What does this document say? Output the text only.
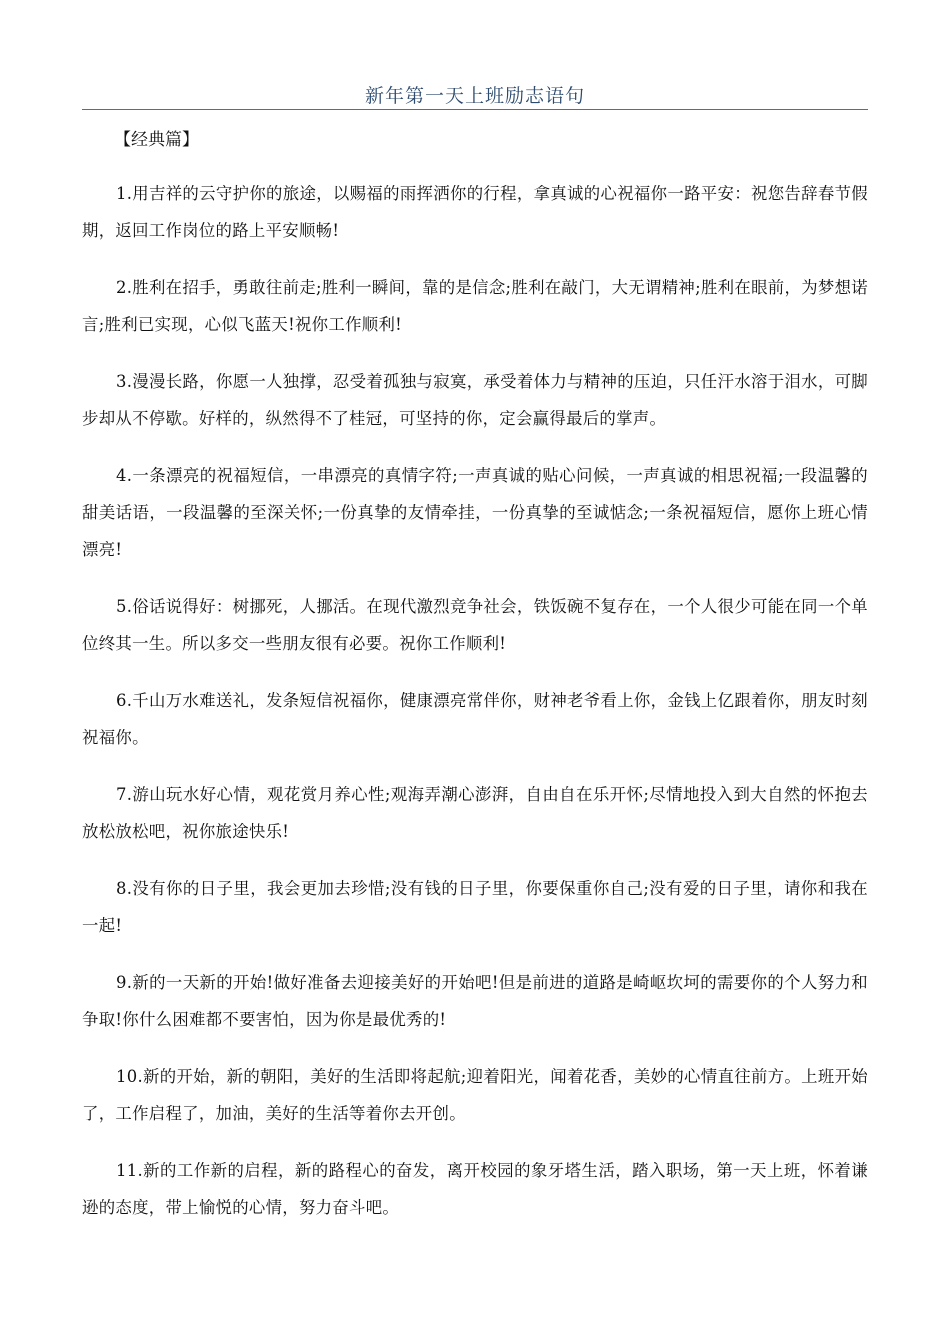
新年第一天上班励志语句
【经典篇】

1.用吉祥的云守护你的旅途，以赐福的雨挥洒你的行程，拿真诚的心祝福你一路平安：祝您告辞春节假期，返回工作岗位的路上平安顺畅!

2.胜利在招手，勇敢往前走;胜利一瞬间，靠的是信念;胜利在敲门，大无谓精神;胜利在眼前，为梦想诺言;胜利已实现，心似飞蓝天!祝你工作顺利!

3.漫漫长路，你愿一人独撑，忍受着孤独与寂寞，承受着体力与精神的压迫，只任汗水溶于泪水，可脚步却从不停歇。好样的，纵然得不了桂冠，可坚持的你，定会赢得最后的掌声。

4.一条漂亮的祝福短信，一串漂亮的真情字符;一声真诚的贴心问候，一声真诚的相思祝福;一段温馨的甜美话语，一段温馨的至深关怀;一份真挚的友情牵挂，一份真挚的至诚惦念;一条祝福短信，愿你上班心情漂亮!

5.俗话说得好：树挪死，人挪活。在现代激烈竞争社会，铁饭碗不复存在，一个人很少可能在同一个单位终其一生。所以多交一些朋友很有必要。祝你工作顺利!

6.千山万水难送礼，发条短信祝福你，健康漂亮常伴你，财神老爷看上你，金钱上亿跟着你，朋友时刻祝福你。

7.游山玩水好心情，观花赏月养心性;观海弄潮心澎湃，自由自在乐开怀;尽情地投入到大自然的怀抱去放松放松吧，祝你旅途快乐!

8.没有你的日子里，我会更加去珍惜;没有钱的日子里，你要保重你自己;没有爱的日子里，请你和我在一起!

9.新的一天新的开始!做好准备去迎接美好的开始吧!但是前进的道路是崎岖坎坷的需要你的个人努力和争取!你什么困难都不要害怕，因为你是最优秀的!

10.新的开始，新的朝阳，美好的生活即将起航;迎着阳光，闻着花香，美妙的心情直往前方。上班开始了，工作启程了，加油，美好的生活等着你去开创。

11.新的工作新的启程，新的路程心的奋发，离开校园的象牙塔生活，踏入职场，第一天上班，怀着谦逊的态度，带上愉悦的心情，努力奋斗吧。
